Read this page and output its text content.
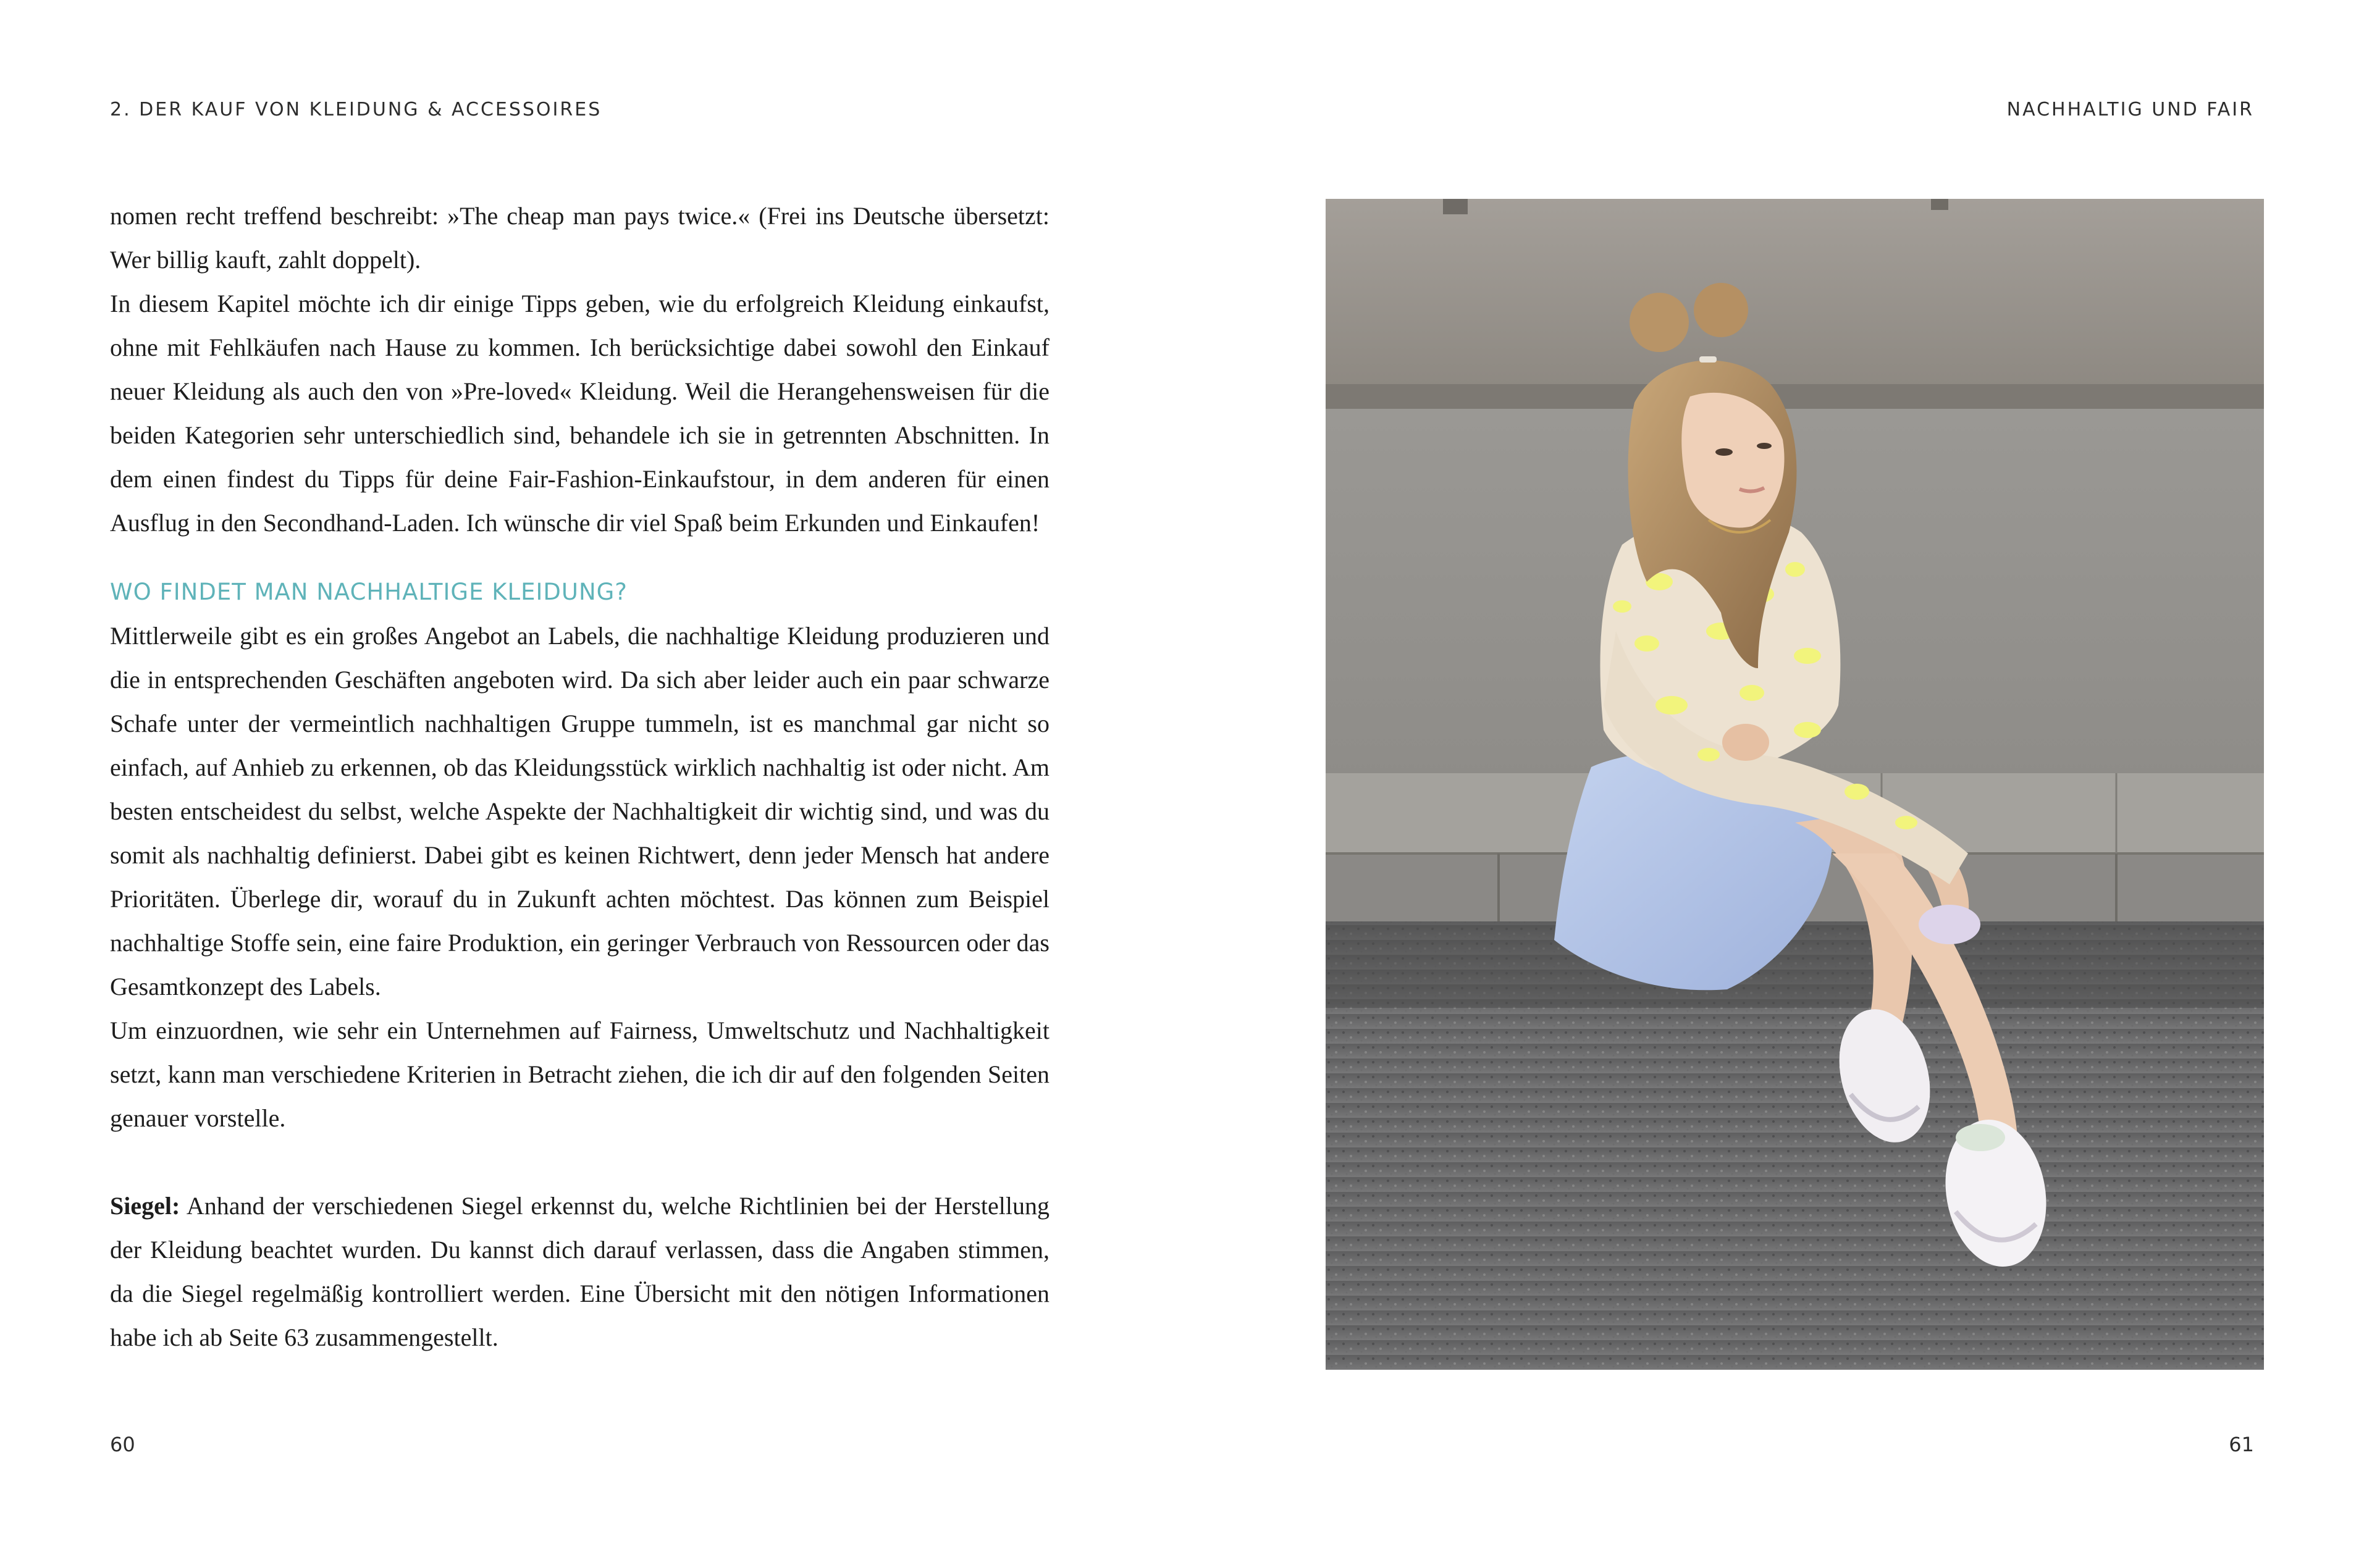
2. DER KAUF VON KLEIDUNG & ACCESSOIRES

nomen recht treffend beschreibt: »The cheap man pays twice.« (Frei ins Deutsche übersetzt: Wer billig kauft, zahlt doppelt).

In diesem Kapitel möchte ich dir einige Tipps geben, wie du erfolgreich Kleidung einkaufst, ohne mit Fehlkäufen nach Hause zu kommen. Ich berücksichtige dabei sowohl den Einkauf neuer Kleidung als auch den von »Pre-loved« Kleidung. Weil die Herangehensweisen für die beiden Kategorien sehr unterschiedlich sind, behandele ich sie in getrennten Abschnitten. In dem einen findest du Tipps für deine Fair-Fashion-Einkaufstour, in dem anderen für einen Ausflug in den Secondhand-Laden. Ich wünsche dir viel Spaß beim Erkunden und Einkaufen!

WO FINDET MAN NACHHALTIGE KLEIDUNG?

Mittlerweile gibt es ein großes Angebot an Labels, die nachhaltige Kleidung produzieren und die in entsprechenden Geschäften angeboten wird. Da sich aber leider auch ein paar schwarze Schafe unter der vermeintlich nachhaltigen Gruppe tummeln, ist es manchmal gar nicht so einfach, auf Anhieb zu erkennen, ob das Kleidungsstück wirklich nachhaltig ist oder nicht. Am besten entscheidest du selbst, welche Aspekte der Nachhaltigkeit dir wichtig sind, und was du somit als nachhaltig definierst. Dabei gibt es keinen Richtwert, denn jeder Mensch hat andere Prioritäten. Überlege dir, worauf du in Zukunft achten möchtest. Das können zum Beispiel nachhaltige Stoffe sein, eine faire Produktion, ein geringer Verbrauch von Ressourcen oder das Gesamtkonzept des Labels.

Um einzuordnen, wie sehr ein Unternehmen auf Fairness, Umweltschutz und Nachhaltigkeit setzt, kann man verschiedene Kriterien in Betracht ziehen, die ich dir auf den folgenden Seiten genauer vorstelle.

Siegel: Anhand der verschiedenen Siegel erkennst du, welche Richtlinien bei der Herstellung der Kleidung beachtet wurden. Du kannst dich darauf verlassen, dass die Angaben stimmen, da die Siegel regelmäßig kontrolliert werden. Eine Übersicht mit den nötigen Informationen habe ich ab Seite 63 zusammengestellt.

60
NACHHALTIG UND FAIR
61
